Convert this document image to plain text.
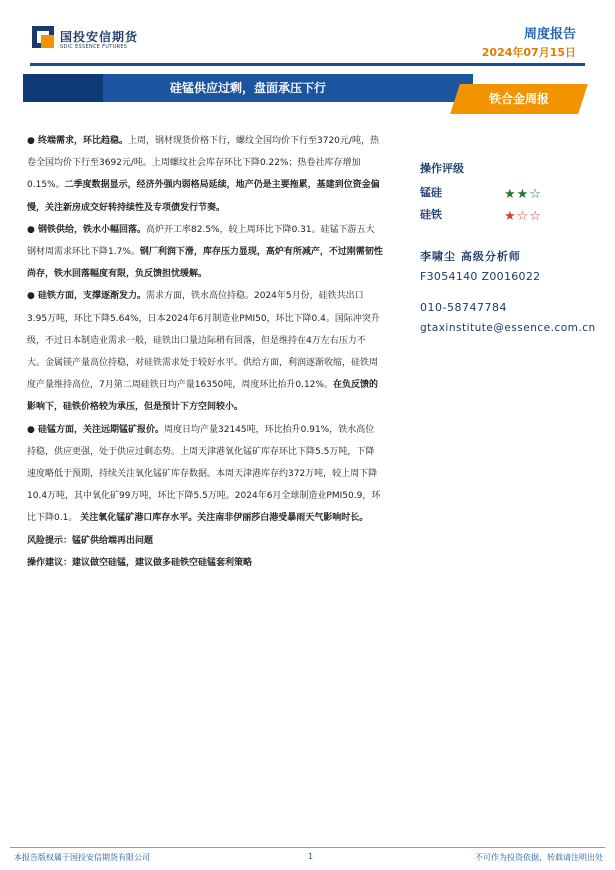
国投安信期货
SDIC ESSENCE FUTURES
周度报告
2024年07月15日
硅锰供应过剩，盘面承压下行
铁合金周报

● 终端需求，环比趋稳。上周，钢材现货价格下行，螺纹全国均价下行至3720元/吨，热卷全国均价下行至3692元/吨。上周螺纹社会库存环比下降0.22%；热卷社库存增加0.15%。二季度数据显示，经济外强内弱格局延续，地产仍是主要拖累，基建到位资金偏慢，关注新房成交好转持续性及专项债发行节奏。

● 钢铁供给，铁水小幅回落。高炉开工率82.5%，较上周环比下降0.31。硅锰下游五大钢材周需求环比下降1.7%。钢厂利润下滑，库存压力显现，高炉有所减产，不过刚需韧性尚存，铁水回落幅度有限，负反馈担忧缓解。

● 硅铁方面，支撑逐渐发力。需求方面，铁水高位持稳。2024年5月份，硅铁共出口3.95万吨，环比下降5.64%，日本2024年6月制造业PMI50，环比下降0.4。国际冲突升级，不过日本制造业需求一般，硅铁出口量边际稍有回落，但是维持在4万左右压力不大。金属镁产量高位持稳，对硅铁需求处于较好水平。供给方面，利润逐渐收缩，硅铁周度产量维持高位，7月第二周硅铁日均产量16350吨，周度环比抬升0.12%。在负反馈的影响下，硅铁价格较为承压，但是预计下方空间较小。

● 硅锰方面，关注远期锰矿报价。周度日均产量32145吨，环比抬升0.91%，铁水高位持稳，供应更强，处于供应过剩态势。上周天津港氧化锰矿库存环比下降5.5万吨，下降速度略低于预期，持续关注氧化锰矿库存数据。本周天津港库存约372万吨，较上周下降10.4万吨，其中氧化矿99万吨，环比下降5.5万吨。2024年6月全球制造业PMI50.9，环比下降0.1。 关注氧化锰矿港口库存水平。关注南非伊丽莎白港受暴雨天气影响时长。

风险提示：锰矿供给端再出问题

操作建议：建议做空硅锰，建议做多硅铁空硅锰套利策略

操作评级
锰硅	★ ★ ☆
硅铁	★ ☆ ☆
李啸尘 高级分析师
F3054140 Z0016022
010-58747784
gtaxinstitute@essence.com.cn
本报告版权属于国投安信期货有限公司	1	不可作为投资依据，转载请注明出处
